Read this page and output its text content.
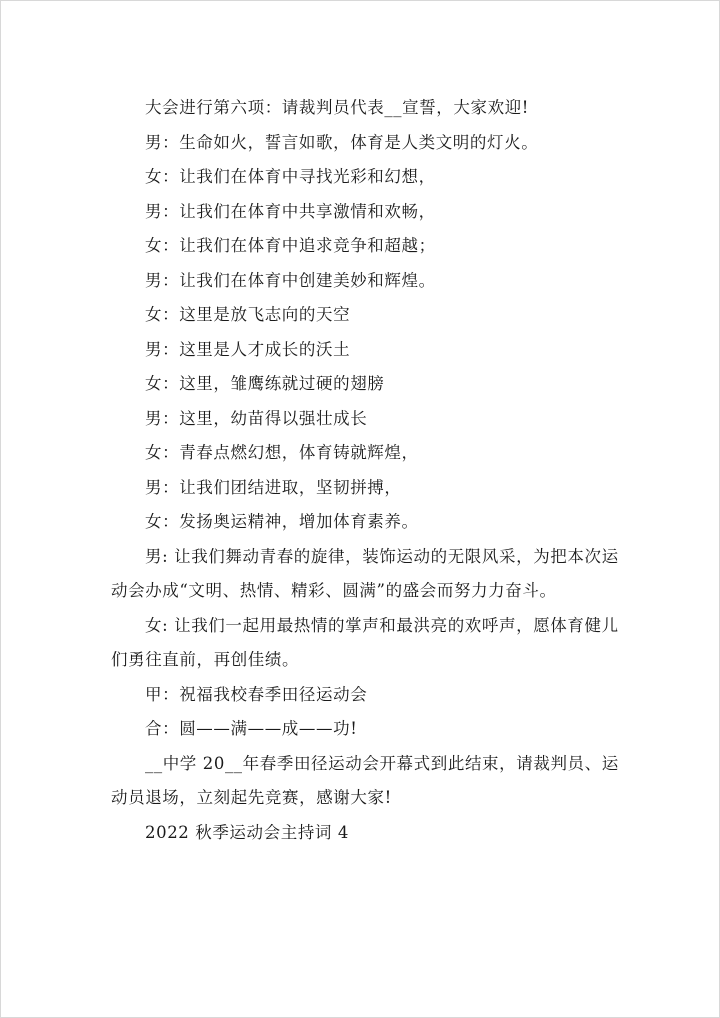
大会进行第六项：请裁判员代表__宣誓，大家欢迎!

男：生命如火，誓言如歌，体育是人类文明的灯火。

女：让我们在体育中寻找光彩和幻想，

男：让我们在体育中共享激情和欢畅，

女：让我们在体育中追求竞争和超越；

男：让我们在体育中创建美妙和辉煌。

女：这里是放飞志向的天空

男：这里是人才成长的沃土

女：这里，雏鹰练就过硬的翅膀

男：这里，幼苗得以强壮成长

女：青春点燃幻想，体育铸就辉煌，

男：让我们团结进取，坚韧拼搏，

女：发扬奥运精神，增加体育素养。

男: 让我们舞动青春的旋律，装饰运动的无限风采，为把本次运动会办成“文明、热情、精彩、圆满”的盛会而努力力奋斗。

女: 让我们一起用最热情的掌声和最洪亮的欢呼声，愿体育健儿们勇往直前，再创佳绩。

甲：祝福我校春季田径运动会

合：圆——满——成——功!

__中学 20__年春季田径运动会开幕式到此结束，请裁判员、运动员退场，立刻起先竞赛，感谢大家!

2022 秋季运动会主持词 4
